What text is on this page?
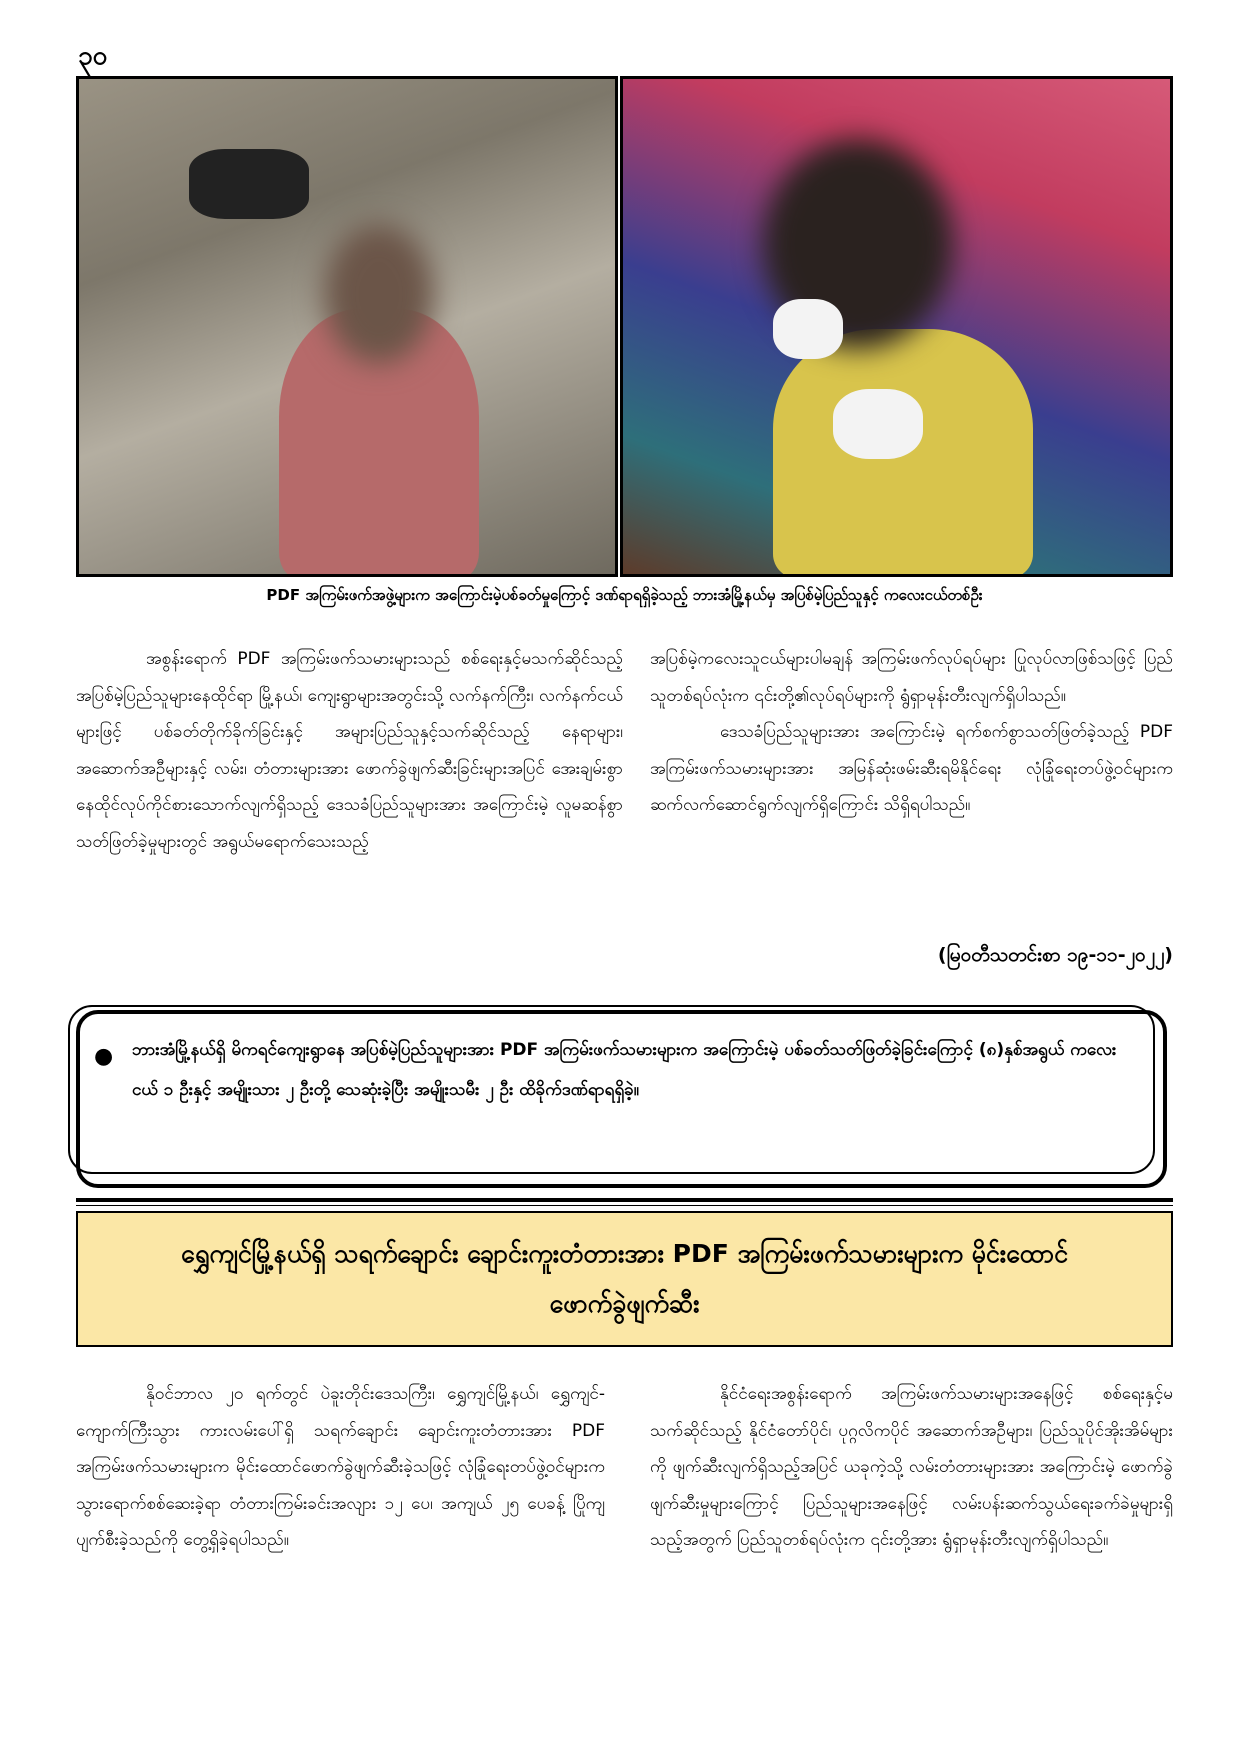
၃၀
PDF အကြမ်းဖက်အဖွဲ့များက အကြောင်းမဲ့ပစ်ခတ်မှုကြောင့် ဒဏ်ရာရရှိခဲ့သည့် ဘားအံမြို့နယ်မှ အပြစ်မဲ့ပြည်သူနှင့် ကလေးငယ်တစ်ဦး

အစွန်းရောက် PDF အကြမ်းဖက်သမားများသည် စစ်ရေးနှင့်မသက်ဆိုင်သည့် အပြစ်မဲ့ပြည်သူများနေထိုင်ရာ မြို့နယ်၊ ကျေးရွာများအတွင်းသို့ လက်နက်ကြီး၊ လက်နက်ငယ်များဖြင့် ပစ်ခတ်တိုက်ခိုက်ခြင်းနှင့် အများပြည်သူနှင့်သက်ဆိုင်သည့် နေရာများ၊ အဆောက်အဦများနှင့် လမ်း၊ တံတားများအား ဖောက်ခွဲဖျက်ဆီးခြင်းများအပြင် အေးချမ်းစွာ နေထိုင်လုပ်ကိုင်စားသောက်လျက်ရှိသည့် ဒေသခံပြည်သူများအား အကြောင်းမဲ့ လူမဆန်စွာ သတ်ဖြတ်ခဲ့မှုများတွင် အရွယ်မရောက်သေးသည့်

အပြစ်မဲ့ကလေးသူငယ်များပါမချန် အကြမ်းဖက်လုပ်ရပ်များ ပြုလုပ်လာဖြစ်သဖြင့် ပြည်သူတစ်ရပ်လုံးက ၎င်းတို့၏လုပ်ရပ်များကို ရွံရှာမုန်းတီးလျက်ရှိပါသည်။

ဒေသခံပြည်သူများအား အကြောင်းမဲ့ ရက်စက်စွာသတ်ဖြတ်ခဲ့သည့် PDF အကြမ်းဖက်သမားများအား အမြန်ဆုံးဖမ်းဆီးရမိနိုင်ရေး လုံခြုံရေးတပ်ဖွဲ့ဝင်များက ဆက်လက်ဆောင်ရွက်လျက်ရှိကြောင်း သိရှိရပါသည်။

(မြဝတီသတင်းစာ ၁၉-၁၁-၂၀၂၂)
● ဘားအံမြို့နယ်ရှိ မိကရင်ကျေးရွာနေ အပြစ်မဲ့ပြည်သူများအား PDF အကြမ်းဖက်သမားများက အကြောင်းမဲ့ ပစ်ခတ်သတ်ဖြတ်ခဲ့ခြင်းကြောင့် (၈)နှစ်အရွယ် ကလေးငယ် ၁ ဦးနှင့် အမျိုးသား ၂ ဦးတို့ သေဆုံးခဲ့ပြီး အမျိုးသမီး ၂ ဦး ထိခိုက်ဒဏ်ရာရရှိခဲ့။
ရွှေကျင်မြို့နယ်ရှိ သရက်ချောင်း ချောင်းကူးတံတားအား PDF အကြမ်းဖက်သမားများက မိုင်းထောင်ဖောက်ခွဲဖျက်ဆီး

နိုဝင်ဘာလ ၂၀ ရက်တွင် ပဲခူးတိုင်းဒေသကြီး၊ ရွှေကျင်မြို့နယ်၊ ရွှေကျင်-ကျောက်ကြီးသွား ကားလမ်းပေါ်ရှိ သရက်ချောင်း ချောင်းကူးတံတားအား PDF အကြမ်းဖက်သမားများက မိုင်းထောင်ဖောက်ခွဲဖျက်ဆီးခဲ့သဖြင့် လုံခြုံရေးတပ်ဖွဲ့ဝင်များက သွားရောက်စစ်ဆေးခဲ့ရာ တံတားကြမ်းခင်းအလျား ၁၂ ပေ၊ အကျယ် ၂၅ ပေခန့် ပြိုကျပျက်စီးခဲ့သည်ကို တွေ့ရှိခဲ့ရပါသည်။

နိုင်ငံရေးအစွန်းရောက် အကြမ်းဖက်သမားများအနေဖြင့် စစ်ရေးနှင့်မသက်ဆိုင်သည့် နိုင်ငံတော်ပိုင်၊ ပုဂ္ဂလိကပိုင် အဆောက်အဦများ၊ ပြည်သူပိုင်အိုးအိမ်များကို ဖျက်ဆီးလျက်ရှိသည့်အပြင် ယခုကဲ့သို့ လမ်းတံတားများအား အကြောင်းမဲ့ ဖောက်ခွဲဖျက်ဆီးမှုများကြောင့် ပြည်သူများအနေဖြင့် လမ်းပန်းဆက်သွယ်ရေးခက်ခဲမှုများရှိသည့်အတွက် ပြည်သူတစ်ရပ်လုံးက ၎င်းတို့အား ရွံရှာမုန်းတီးလျက်ရှိပါသည်။
